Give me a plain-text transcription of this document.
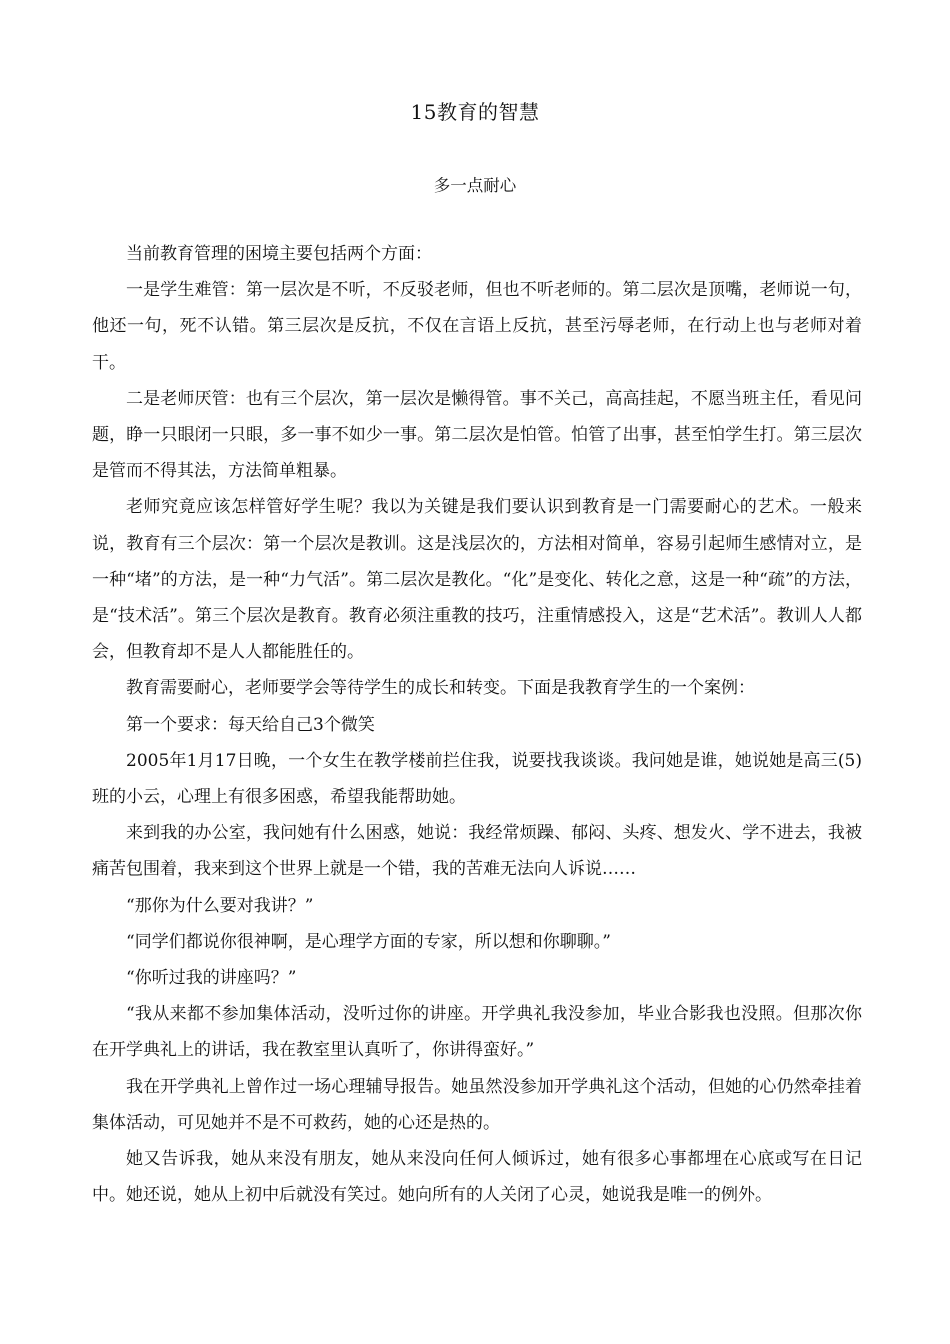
15教育的智慧
多一点耐心

当前教育管理的困境主要包括两个方面：

一是学生难管：第一层次是不听，不反驳老师，但也不听老师的。第二层次是顶嘴，老师说一句，他还一句，死不认错。第三层次是反抗，不仅在言语上反抗，甚至污辱老师，在行动上也与老师对着干。

二是老师厌管：也有三个层次，第一层次是懒得管。事不关己，高高挂起，不愿当班主任，看见问题，睁一只眼闭一只眼，多一事不如少一事。第二层次是怕管。怕管了出事，甚至怕学生打。第三层次是管而不得其法，方法简单粗暴。

老师究竟应该怎样管好学生呢？我以为关键是我们要认识到教育是一门需要耐心的艺术。一般来说，教育有三个层次：第一个层次是教训。这是浅层次的，方法相对简单，容易引起师生感情对立，是一种“堵”的方法，是一种“力气活”。第二层次是教化。“化”是变化、转化之意，这是一种“疏”的方法，是“技术活”。第三个层次是教育。教育必须注重教的技巧，注重情感投入，这是“艺术活”。教训人人都会，但教育却不是人人都能胜任的。

教育需要耐心，老师要学会等待学生的成长和转变。下面是我教育学生的一个案例：

第一个要求：每天给自己3个微笑

2005年1月17日晚，一个女生在教学楼前拦住我，说要找我谈谈。我问她是谁，她说她是高三(5)班的小云，心理上有很多困惑，希望我能帮助她。

来到我的办公室，我问她有什么困惑，她说：我经常烦躁、郁闷、头疼、想发火、学不进去，我被痛苦包围着，我来到这个世界上就是一个错，我的苦难无法向人诉说……

“那你为什么要对我讲？”

“同学们都说你很神啊，是心理学方面的专家，所以想和你聊聊。”

“你听过我的讲座吗？”

“我从来都不参加集体活动，没听过你的讲座。开学典礼我没参加，毕业合影我也没照。但那次你在开学典礼上的讲话，我在教室里认真听了，你讲得蛮好。”

我在开学典礼上曾作过一场心理辅导报告。她虽然没参加开学典礼这个活动，但她的心仍然牵挂着集体活动，可见她并不是不可救药，她的心还是热的。

她又告诉我，她从来没有朋友，她从来没向任何人倾诉过，她有很多心事都埋在心底或写在日记中。她还说，她从上初中后就没有笑过。她向所有的人关闭了心灵，她说我是唯一的例外。
